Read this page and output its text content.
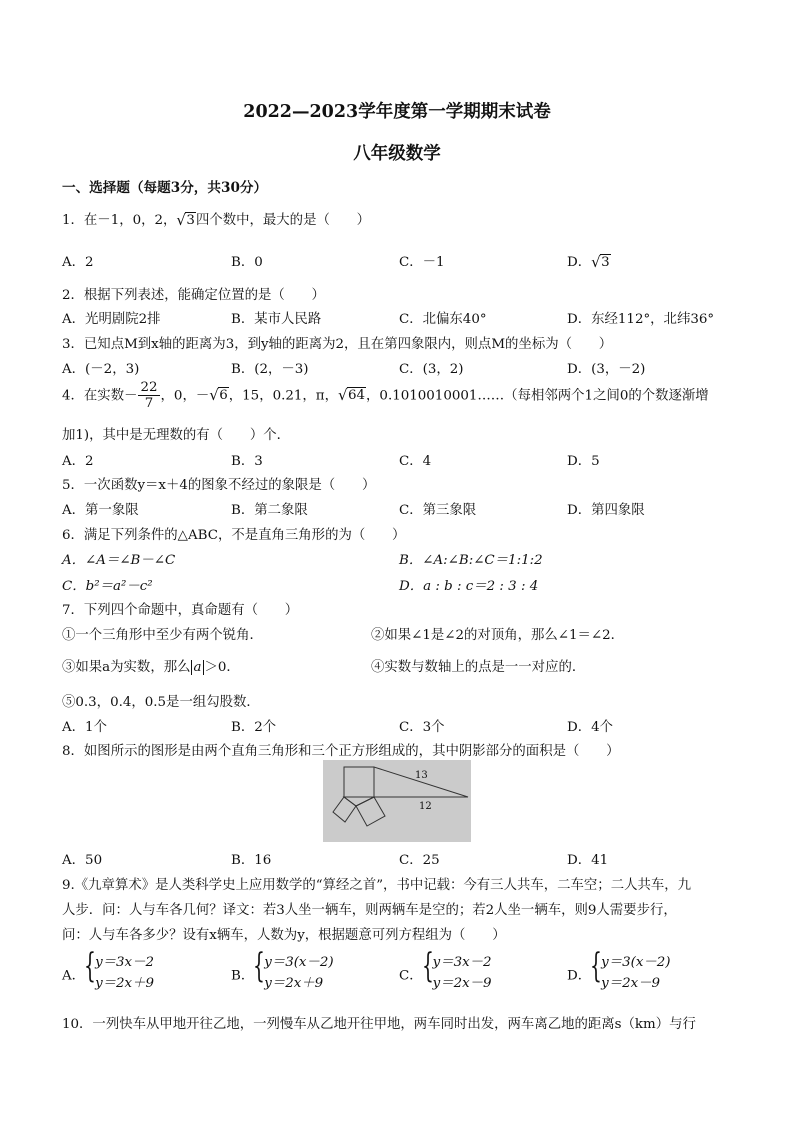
2022—2023学年度第一学期期末试卷
八年级数学
一、选择题（每题3分，共30分）
1．在－1，0，2， √ 3四个数中，最大的是（　　）
A．2	B．0	C．－1	D． √ 3
2．根据下列表述，能确定位置的是（　　）
A．光明剧院2排	B．某市人民路	C．北偏东40°	D．东经112°，北纬36°
3．已知点M到x轴的距离为3，到y轴的距离为2，且在第四象限内，则点M的坐标为（　　）
A．(－2，3)	B．(2，－3)	C．(3，2)	D．(3，－2)
4．在实数－ $\frac{22}{7}$ ，0，－ √ 6，15，0.21，π， √ 64，0.1010010001……（每相邻两个1之间0的个数逐渐增
加1)，其中是无理数的有（　　）个．
A．2	B．3	C．4	D．5
5．一次函数y＝x＋4的图象不经过的象限是（　　）
A．第一象限	B．第二象限	C．第三象限	D．第四象限
6．满足下列条件的△ABC，不是直角三角形的为（　　）
A．∠A＝∠B－∠C	B．∠A:∠B:∠C＝1:1:2
C．b²＝a²－c²	D．a : b : c＝2 : 3 : 4
7．下列四个命题中，真命题有（　　）
①一个三角形中至少有两个锐角．	②如果∠1是∠2的对顶角，那么∠1＝∠2．
③如果a为实数，那么 a ＞0．	④实数与数轴上的点是一一对应的．
⑤0.3，0.4，0.5是一组勾股数．
A．1个	B．2个	C．3个	D．4个
8．如图所示的图形是由两个直角三角形和三个正方形组成的，其中阴影部分的面积是（　　）
13
12
A．50	B．16	C．25	D．41
9.《九章算术》是人类科学史上应用数学的“算经之首”，书中记载：今有三人共车，二车空；二人共车，九
人步．问：人与车各几何？译文：若3人坐一辆车，则两辆车是空的；若2人坐一辆车，则9人需要步行，
问：人与车各多少？设有x辆车，人数为y，根据题意可列方程组为（　　）
A． { y＝3x－2
y＝2x＋9	B． { y＝3(x－2)
y＝2x＋9	C． { y＝3x－2
y＝2x－9	D． { y＝3(x－2)
y＝2x－9
10．一列快车从甲地开往乙地，一列慢车从乙地开往甲地，两车同时出发，两车离乙地的距离s（km）与行
